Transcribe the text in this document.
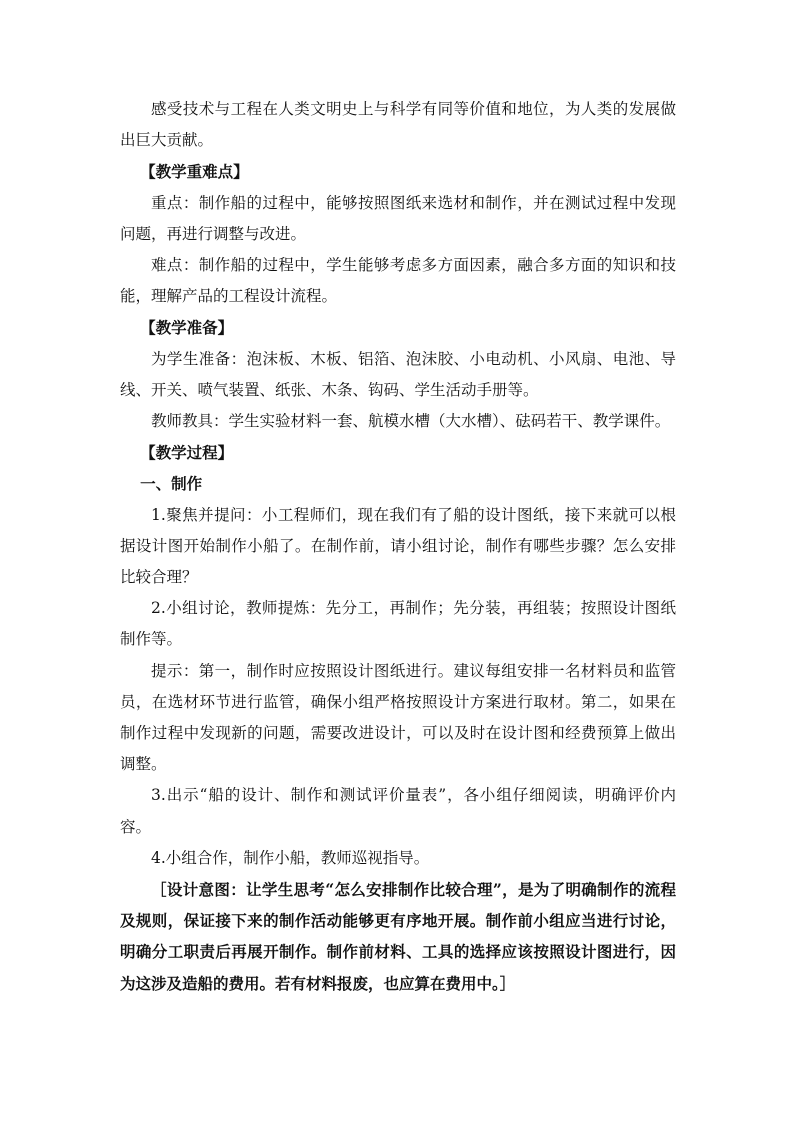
感受技术与工程在人类文明史上与科学有同等价值和地位，为人类的发展做出巨大贡献。

【教学重难点】

重点：制作船的过程中，能够按照图纸来选材和制作，并在测试过程中发现问题，再进行调整与改进。

难点：制作船的过程中，学生能够考虑多方面因素，融合多方面的知识和技能，理解产品的工程设计流程。

【教学准备】

为学生准备：泡沫板、木板、铝箔、泡沫胶、小电动机、小风扇、电池、导线、开关、喷气装置、纸张、木条、钩码、学生活动手册等。

教师教具：学生实验材料一套、航模水槽（大水槽）、砝码若干、教学课件。

【教学过程】

一、制作

1.聚焦并提问：小工程师们，现在我们有了船的设计图纸，接下来就可以根据设计图开始制作小船了。在制作前，请小组讨论，制作有哪些步骤？怎么安排比较合理？

2.小组讨论，教师提炼：先分工，再制作；先分装，再组装；按照设计图纸制作等。

提示：第一，制作时应按照设计图纸进行。建议每组安排一名材料员和监管员，在选材环节进行监管，确保小组严格按照设计方案进行取材。第二，如果在制作过程中发现新的问题，需要改进设计，可以及时在设计图和经费预算上做出调整。

3.出示“船的设计、制作和测试评价量表”，各小组仔细阅读，明确评价内容。

4.小组合作，制作小船，教师巡视指导。

［设计意图：让学生思考“怎么安排制作比较合理”，是为了明确制作的流程及规则，保证接下来的制作活动能够更有序地开展。制作前小组应当进行讨论，明确分工职责后再展开制作。制作前材料、工具的选择应该按照设计图进行，因为这涉及造船的费用。若有材料报废，也应算在费用中。］
